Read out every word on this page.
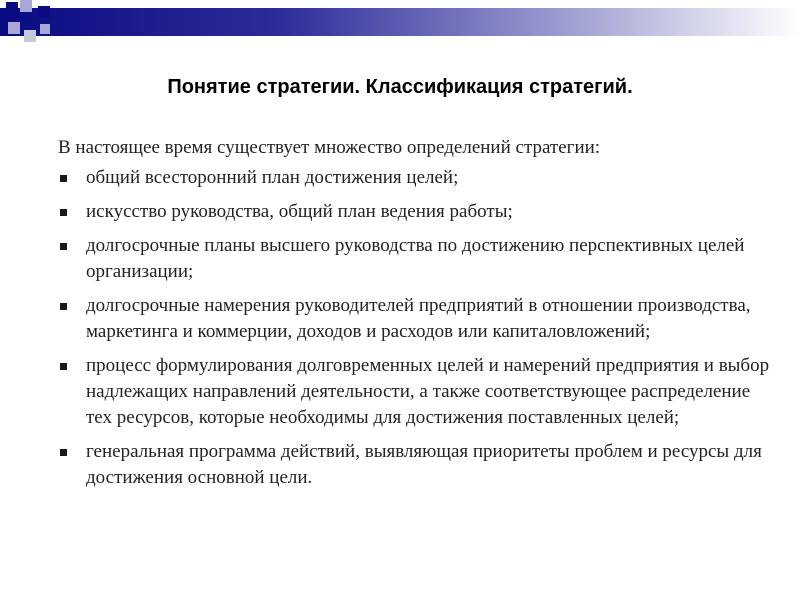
Понятие стратегии. Классификация стратегий.

В настоящее время существует множество определений стратегии:

общий всесторонний план достижения целей;
искусство руководства, общий план ведения работы;
долгосрочные планы высшего руководства по достижению перспективных целей организации;
долгосрочные намерения руководителей предприятий в отношении производства, маркетинга и коммерции, доходов и расходов или капиталовложений;
процесс формулирования долговременных целей и намерений предприятия и выбор надлежащих направлений деятельности, а также соответствующее распределение тех ресурсов, которые необходимы для достижения поставленных целей;
генеральная программа действий, выявляющая приоритеты проблем и ресурсы для достижения основной цели.
